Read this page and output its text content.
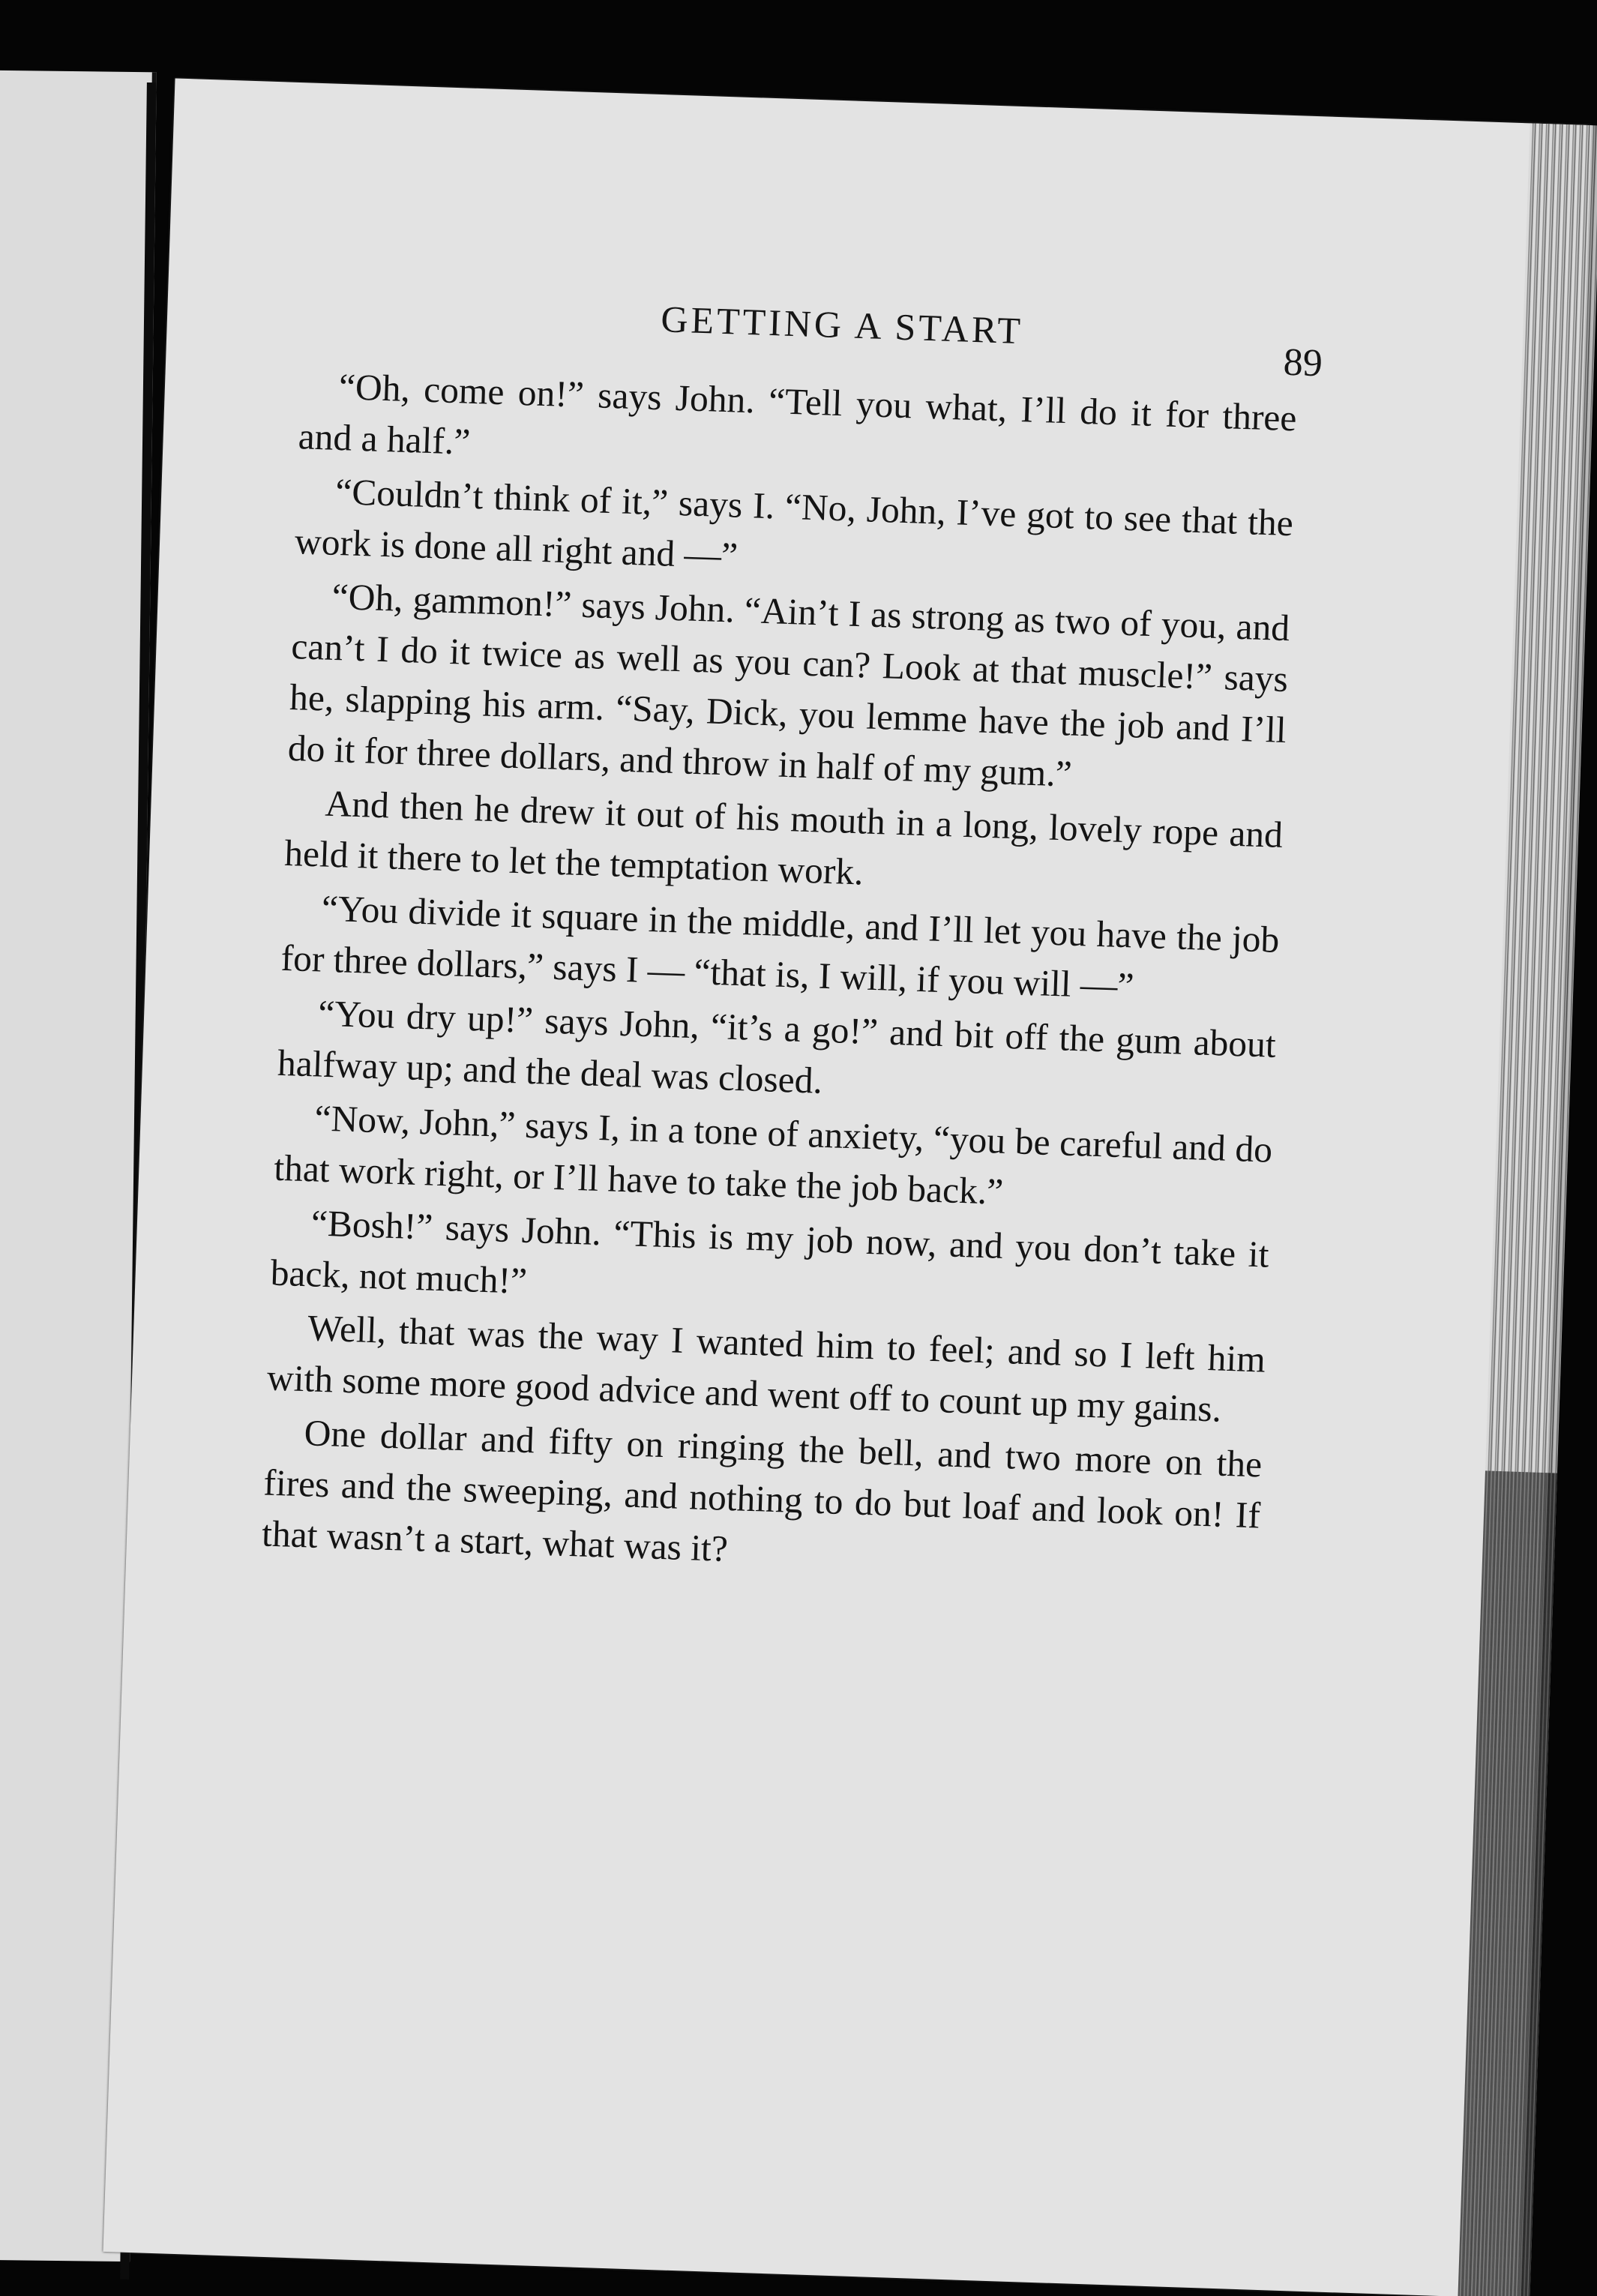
GETTING A START
89

“Oh, come on!” says John. “Tell you what, I’ll do it for three and a half.”

“Couldn’t think of it,” says I. “No, John, I’ve got to see that the work is done all right and —”

“Oh, gammon!” says John. “Ain’t I as strong as two of you, and can’t I do it twice as well as you can? Look at that muscle!” says he, slapping his arm. “Say, Dick, you lemme have the job and I’ll do it for three dollars, and throw in half of my gum.”

And then he drew it out of his mouth in a long, lovely rope and held it there to let the temptation work.

“You divide it square in the middle, and I’ll let you have the job for three dollars,” says I — “that is, I will, if you will —”

“You dry up!” says John, “it’s a go!” and bit off the gum about halfway up; and the deal was closed.

“Now, John,” says I, in a tone of anxiety, “you be careful and do that work right, or I’ll have to take the job back.”

“Bosh!” says John. “This is my job now, and you don’t take it back, not much!”

Well, that was the way I wanted him to feel; and so I left him with some more good advice and went off to count up my gains.

One dollar and fifty on ringing the bell, and two more on the fires and the sweeping, and nothing to do but loaf and look on! If that wasn’t a start, what was it?
